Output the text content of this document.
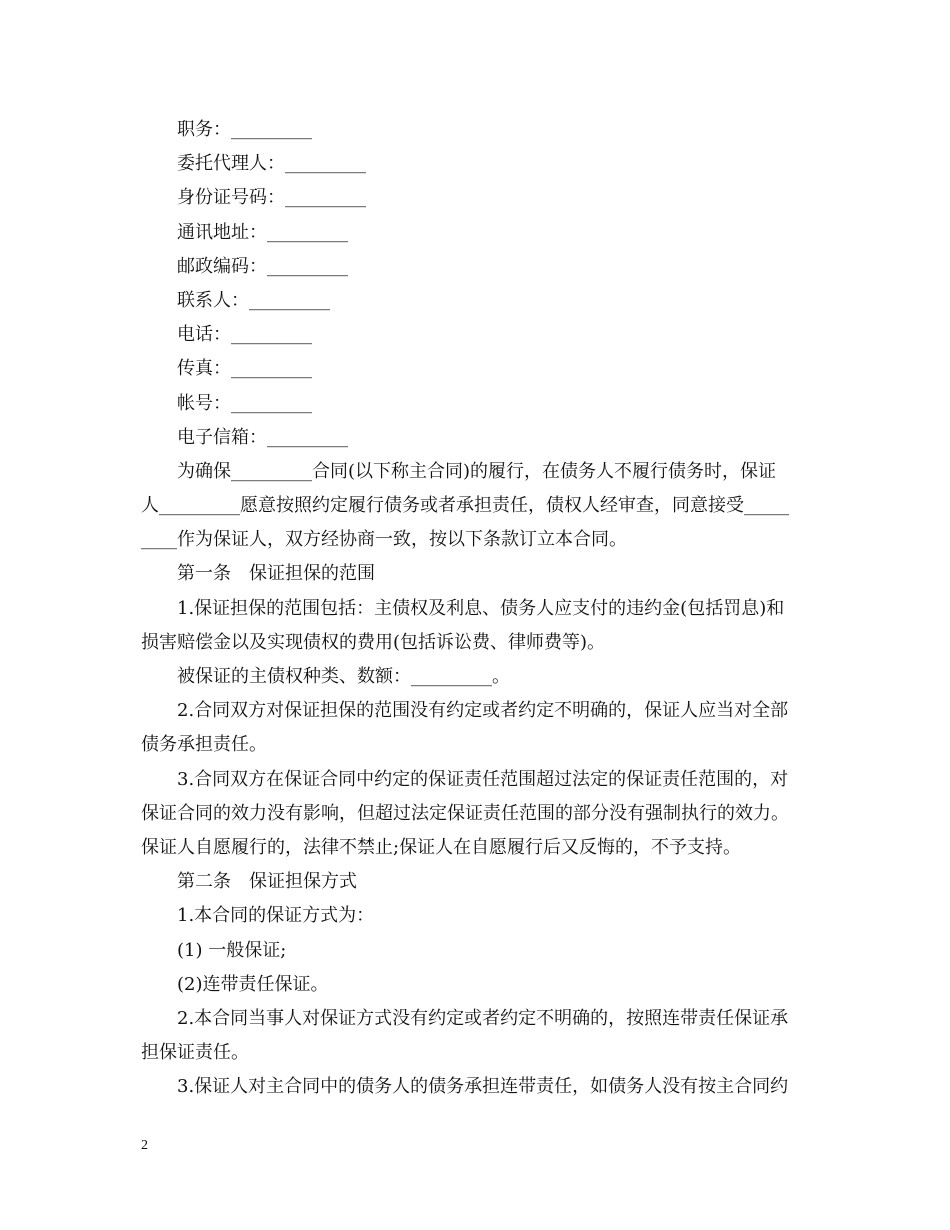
职务：_________
委托代理人：_________
身份证号码：_________
通讯地址：_________
邮政编码：_________
联系人：_________
电话：_________
传真：_________
帐号：_________
电子信箱：_________
为确保_________合同(以下称主合同)的履行，在债务人不履行债务时，保证
人_________愿意按照约定履行债务或者承担责任，债权人经审查，同意接受_____
____作为保证人，双方经协商一致，按以下条款订立本合同。
第一条　保证担保的范围
1.保证担保的范围包括：主债权及利息、债务人应支付的违约金(包括罚息)和
损害赔偿金以及实现债权的费用(包括诉讼费、律师费等)。
被保证的主债权种类、数额：_________。
2.合同双方对保证担保的范围没有约定或者约定不明确的，保证人应当对全部
债务承担责任。
3.合同双方在保证合同中约定的保证责任范围超过法定的保证责任范围的，对
保证合同的效力没有影响，但超过法定保证责任范围的部分没有强制执行的效力。
保证人自愿履行的，法律不禁止;保证人在自愿履行后又反悔的，不予支持。
第二条　保证担保方式
1.本合同的保证方式为：
(1) 一般保证;
(2)连带责任保证。
2.本合同当事人对保证方式没有约定或者约定不明确的，按照连带责任保证承
担保证责任。
3.保证人对主合同中的债务人的债务承担连带责任，如债务人没有按主合同约
2
